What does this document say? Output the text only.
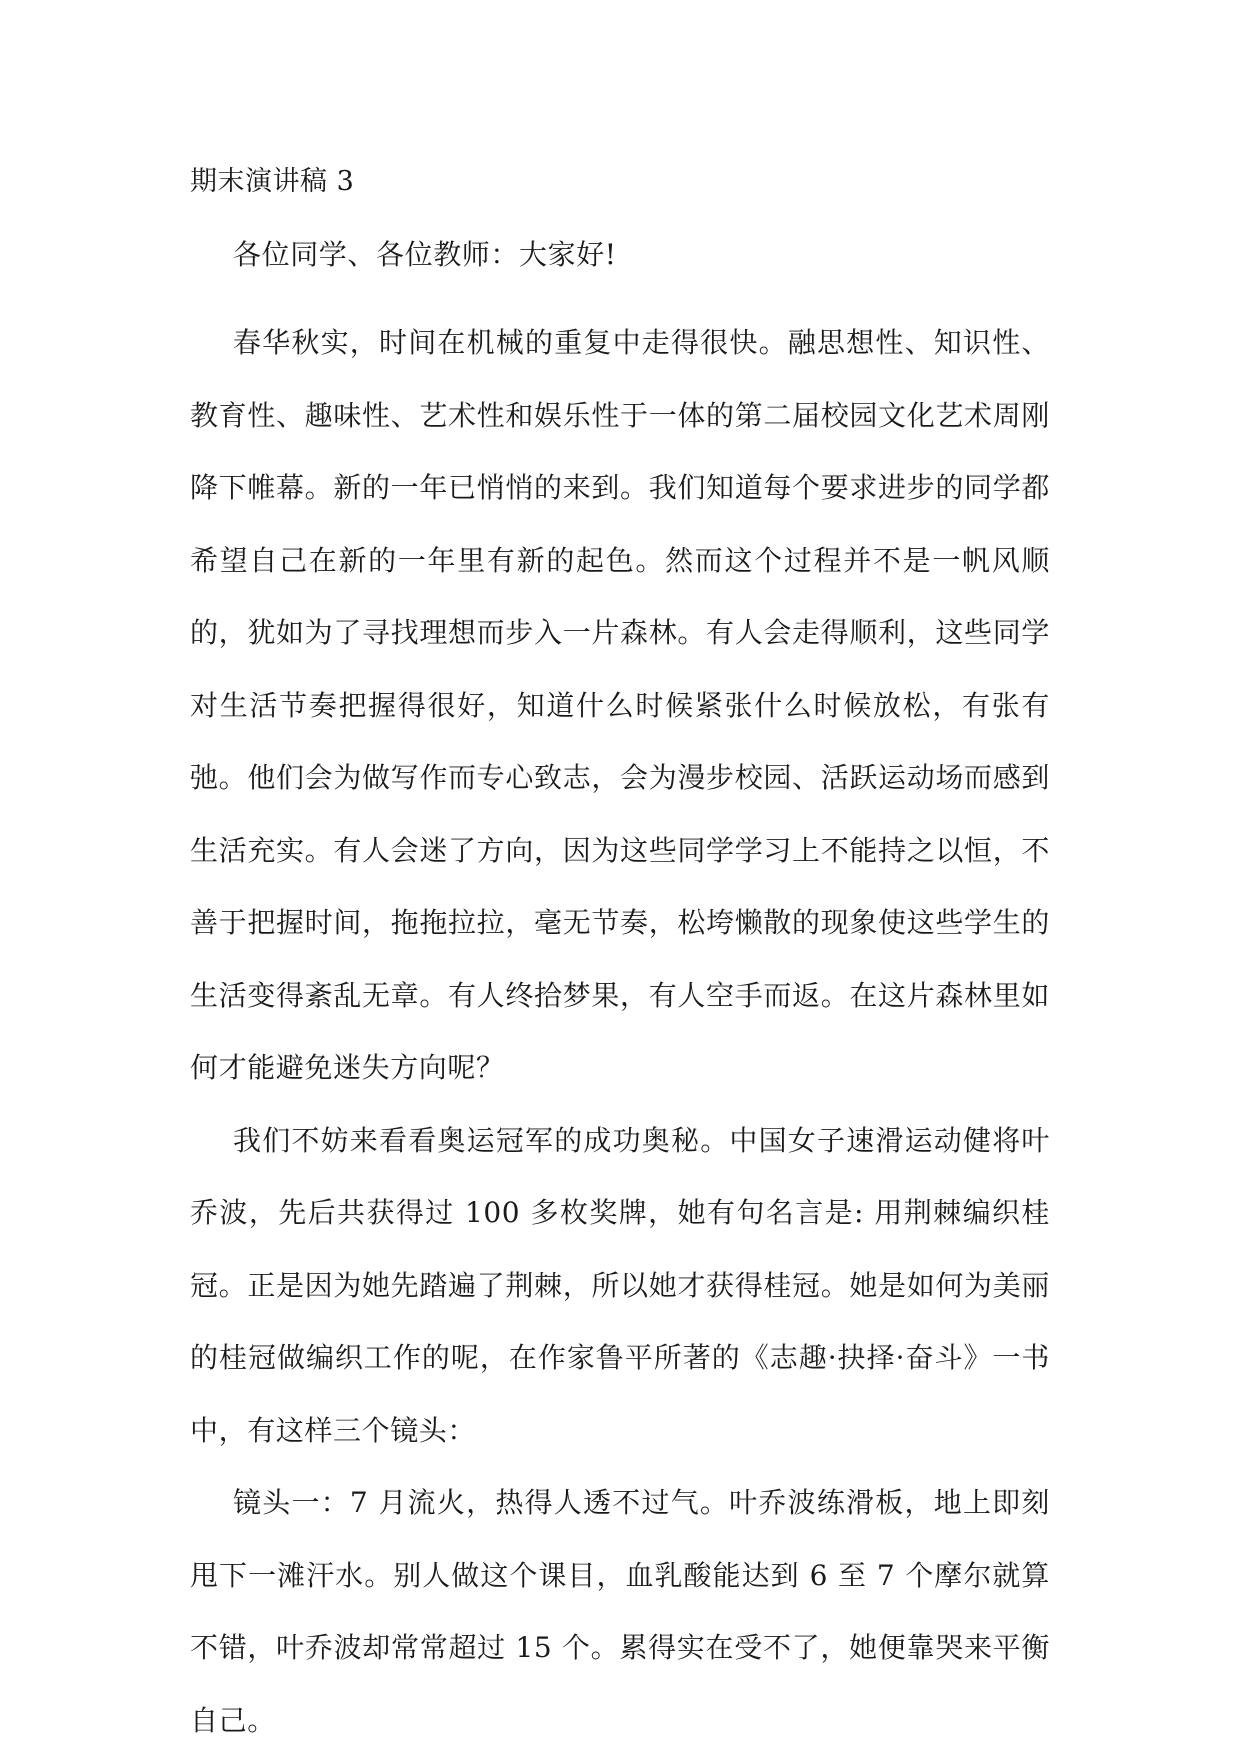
期末演讲稿 3

各位同学、各位教师：大家好!

春华秋实，时间在机械的重复中走得很快。融思想性、知识性、教育性、趣味性、艺术性和娱乐性于一体的第二届校园文化艺术周刚降下帷幕。新的一年已悄悄的来到。我们知道每个要求进步的同学都希望自己在新的一年里有新的起色。然而这个过程并不是一帆风顺的，犹如为了寻找理想而步入一片森林。有人会走得顺利，这些同学对生活节奏把握得很好，知道什么时候紧张什么时候放松，有张有弛。他们会为做写作而专心致志，会为漫步校园、活跃运动场而感到生活充实。有人会迷了方向，因为这些同学学习上不能持之以恒，不善于把握时间，拖拖拉拉，毫无节奏，松垮懒散的现象使这些学生的生活变得紊乱无章。有人终拾梦果，有人空手而返。在这片森林里如何才能避免迷失方向呢？

我们不妨来看看奥运冠军的成功奥秘。中国女子速滑运动健将叶乔波，先后共获得过 100 多枚奖牌，她有句名言是: 用荆棘编织桂冠。正是因为她先踏遍了荆棘，所以她才获得桂冠。她是如何为美丽的桂冠做编织工作的呢，在作家鲁平所著的《志趣·抉择·奋斗》一书中，有这样三个镜头：

镜头一：7 月流火，热得人透不过气。叶乔波练滑板，地上即刻甩下一滩汗水。别人做这个课目，血乳酸能达到 6 至 7 个摩尔就算不错，叶乔波却常常超过 15 个。累得实在受不了，她便靠哭来平衡自己。
